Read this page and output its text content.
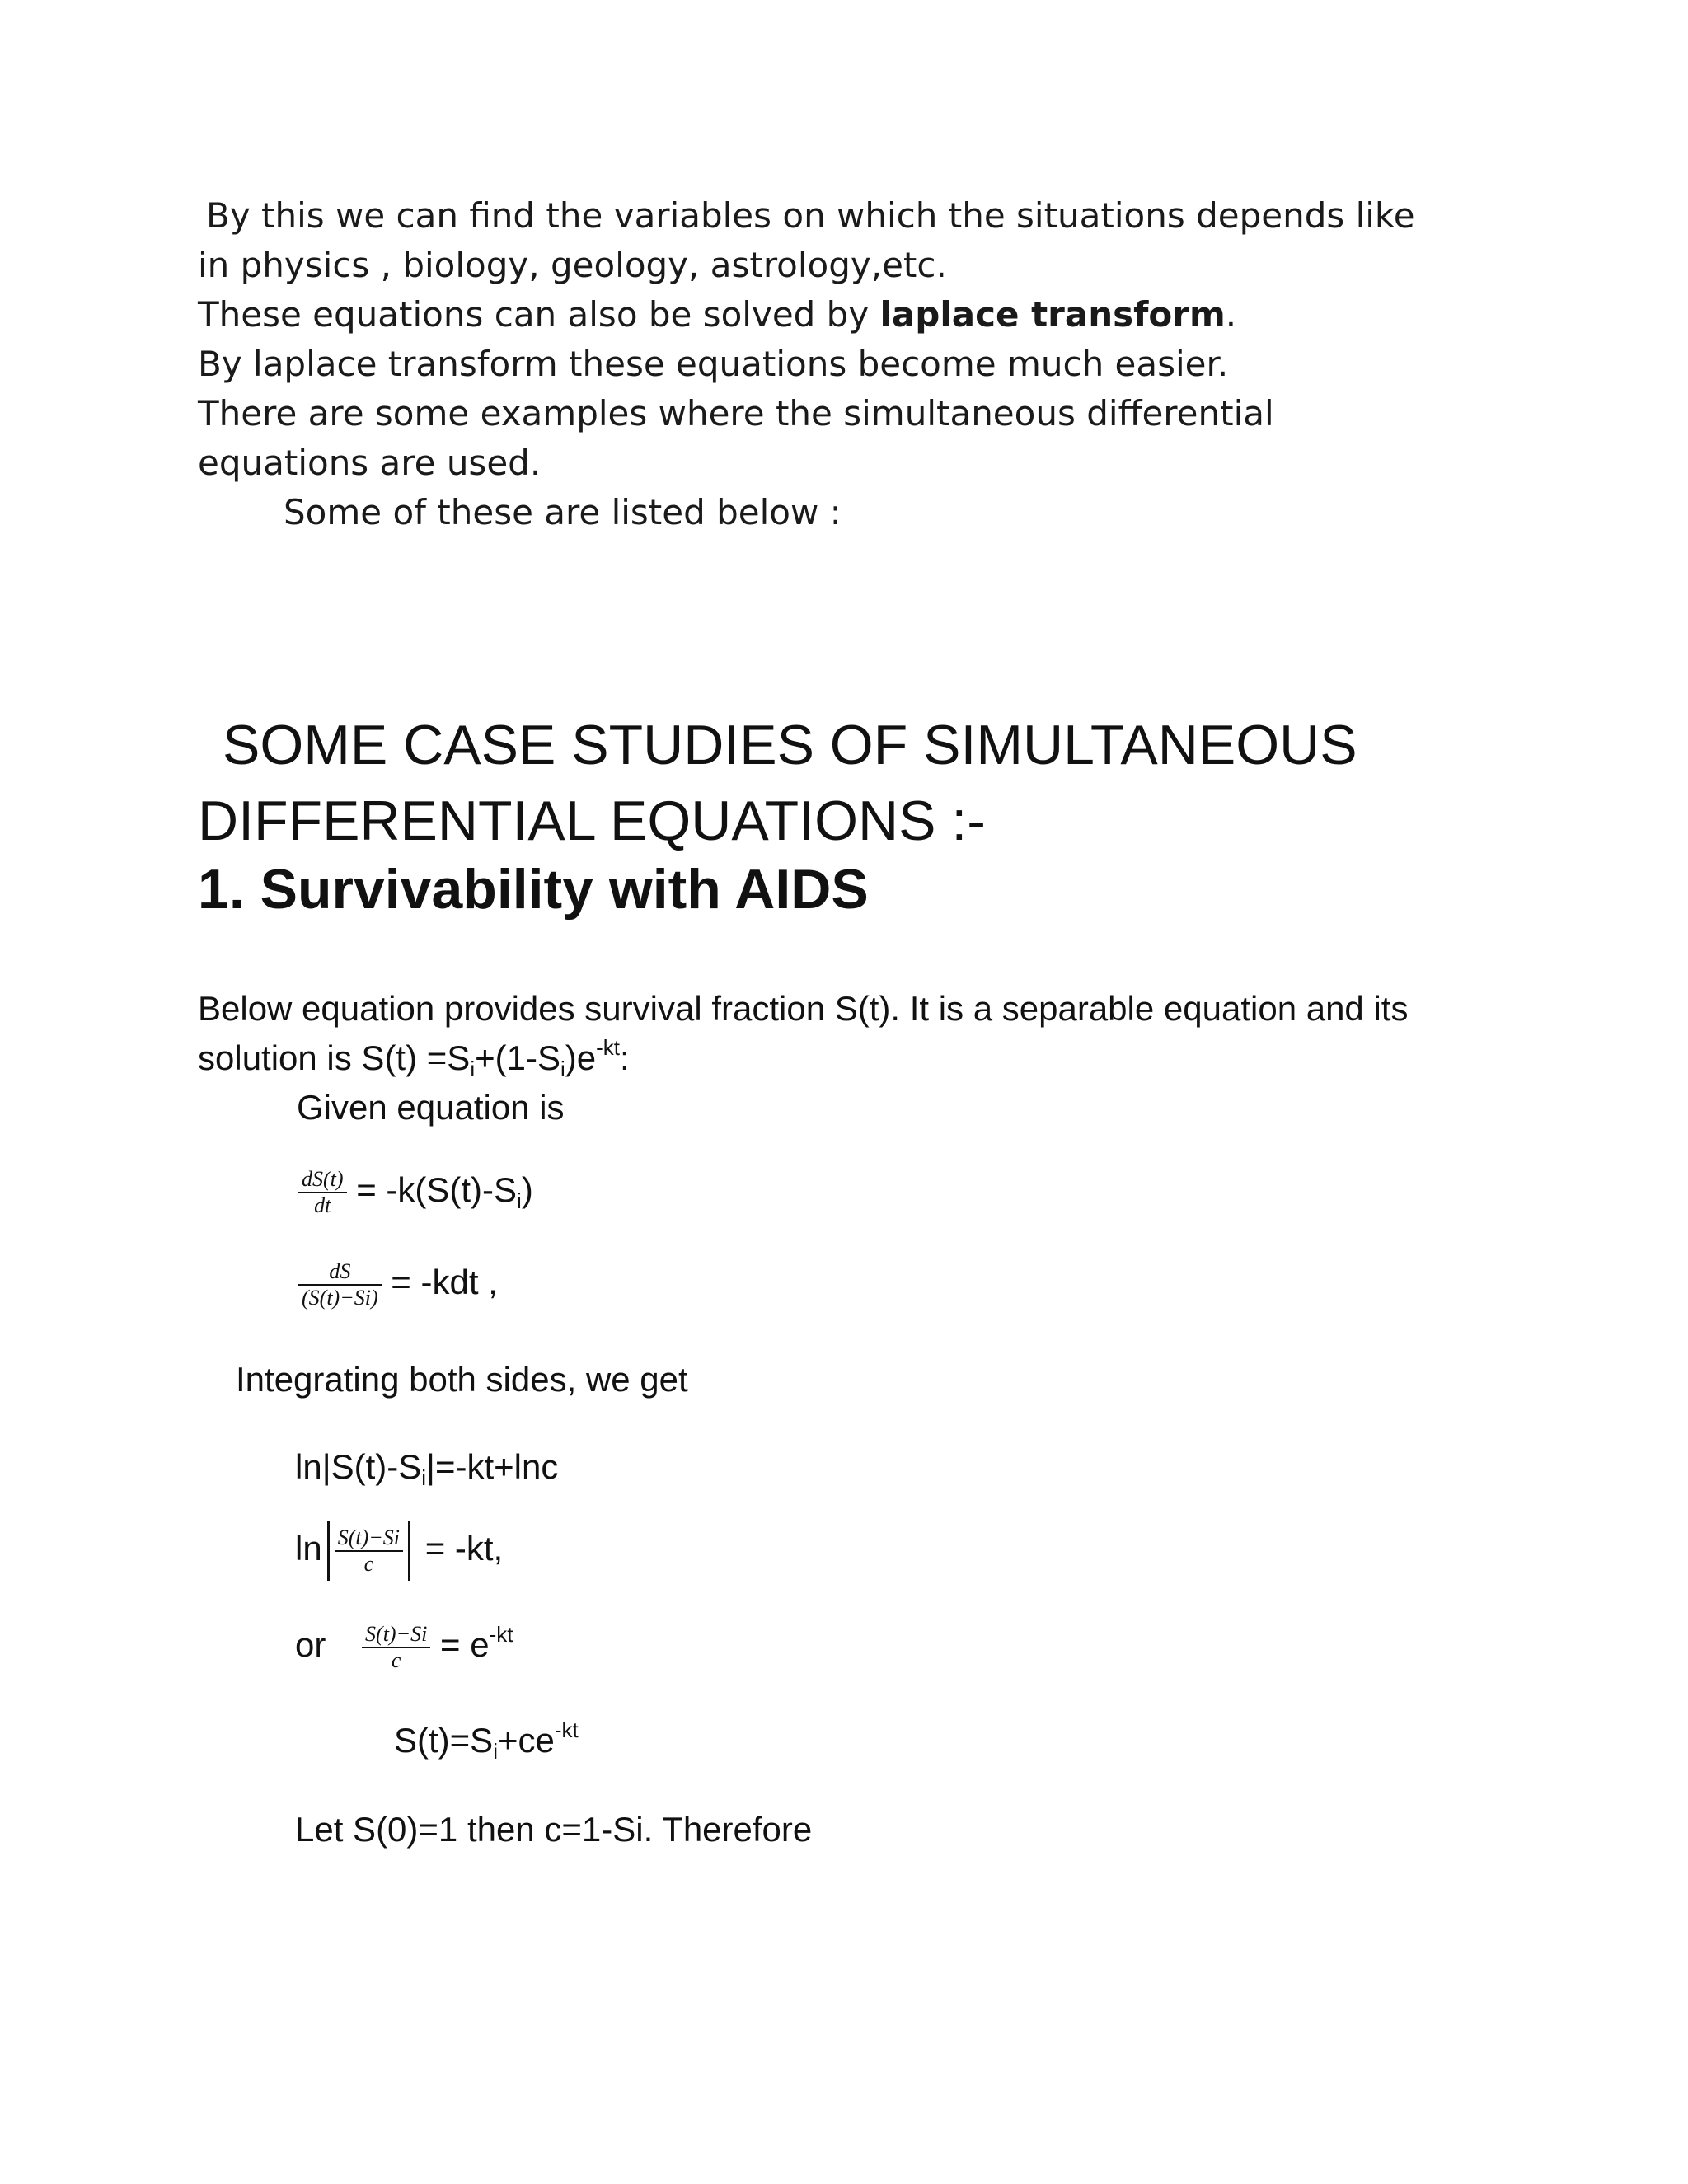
By this we can find the variables on which the situations depends like

in physics , biology, geology, astrology,etc.

These equations can also be solved by laplace transform.

By laplace transform these equations become much easier.

There are some examples where the simultaneous differential

equations are used.

Some of these are listed below :

SOME CASE STUDIES OF SIMULTANEOUS

DIFFERENTIAL EQUATIONS :-

1. Survivability with AIDS
Below equation provides survival fraction S(t). It is a separable equation and its
solution is $S(t) =S_i+(1-S_i)e^{-kt}$:
Given equation is
$\frac{dS(t)}{dt} = -k(S(t)-S_i)$
$\frac{dS}{(S(t)-Si)} = -kdt$ ,
Integrating both sides, we get
$\ln|S(t)-S_i|=-kt+\ln c$
$\ln \frac{S(t)-Si}{c} = -kt$,
or $\frac{S(t)-Si}{c} = e^{-kt}$
$S(t)=S_i+ce^{-kt}$
Let S(0)=1 then c=1-Si. Therefore
